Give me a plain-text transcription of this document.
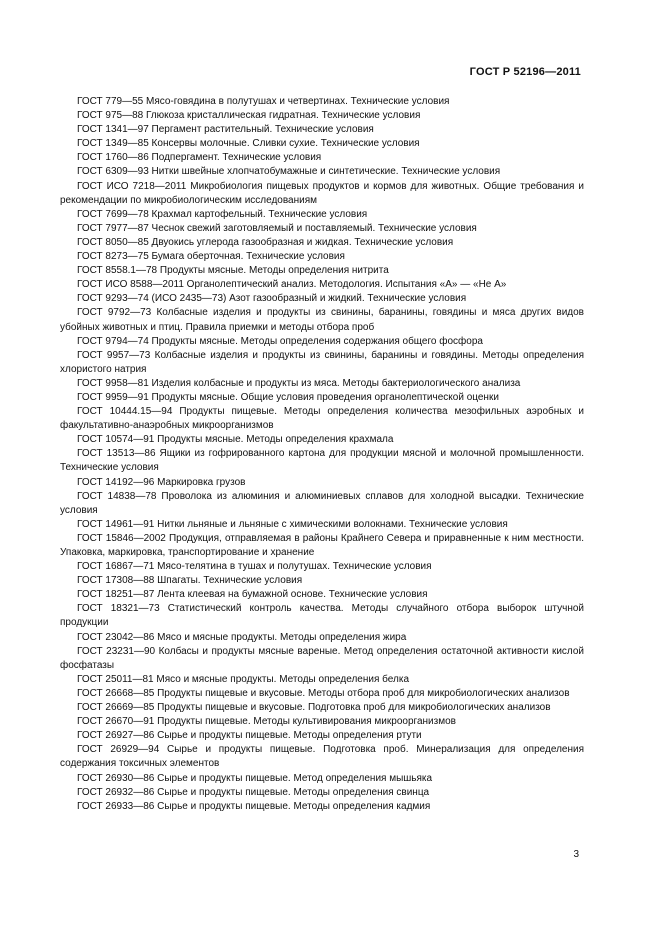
ГОСТ Р 52196—2011

ГОСТ 779—55 Мясо-говядина в полутушах и четвертинах. Технические условия

ГОСТ 975—88 Глюкоза кристаллическая гидратная. Технические условия

ГОСТ 1341—97 Пергамент растительный. Технические условия

ГОСТ 1349—85 Консервы молочные. Сливки сухие. Технические условия

ГОСТ 1760—86 Подпергамент. Технические условия

ГОСТ 6309—93 Нитки швейные хлопчатобумажные и синтетические. Технические условия

ГОСТ ИСО 7218—2011 Микробиология пищевых продуктов и кормов для животных. Общие требования и рекомендации по микробиологическим исследованиям

ГОСТ 7699—78 Крахмал картофельный. Технические условия

ГОСТ 7977—87 Чеснок свежий заготовляемый и поставляемый. Технические условия

ГОСТ 8050—85 Двуокись углерода газообразная и жидкая. Технические условия

ГОСТ 8273—75 Бумага оберточная. Технические условия

ГОСТ 8558.1—78 Продукты мясные. Методы определения нитрита

ГОСТ ИСО 8588—2011 Органолептический анализ. Методология. Испытания «А» — «Не А»

ГОСТ 9293—74 (ИСО 2435—73) Азот газообразный и жидкий. Технические условия

ГОСТ 9792—73 Колбасные изделия и продукты из свинины, баранины, говядины и мяса других видов убойных животных и птиц. Правила приемки и методы отбора проб

ГОСТ 9794—74 Продукты мясные. Методы определения содержания общего фосфора

ГОСТ 9957—73 Колбасные изделия и продукты из свинины, баранины и говядины. Методы определения хлористого натрия

ГОСТ 9958—81 Изделия колбасные и продукты из мяса. Методы бактериологического анализа

ГОСТ 9959—91 Продукты мясные. Общие условия проведения органолептической оценки

ГОСТ 10444.15—94 Продукты пищевые. Методы определения количества мезофильных аэробных и факультативно-анаэробных микроорганизмов

ГОСТ 10574—91 Продукты мясные. Методы определения крахмала

ГОСТ 13513—86 Ящики из гофрированного картона для продукции мясной и молочной промышленности. Технические условия

ГОСТ 14192—96 Маркировка грузов

ГОСТ 14838—78 Проволока из алюминия и алюминиевых сплавов для холодной высадки. Технические условия

ГОСТ 14961—91 Нитки льняные и льняные с химическими волокнами. Технические условия

ГОСТ 15846—2002 Продукция, отправляемая в районы Крайнего Севера и приравненные к ним местности. Упаковка, маркировка, транспортирование и хранение

ГОСТ 16867—71 Мясо-телятина в тушах и полутушах. Технические условия

ГОСТ 17308—88 Шпагаты. Технические условия

ГОСТ 18251—87 Лента клеевая на бумажной основе. Технические условия

ГОСТ 18321—73 Статистический контроль качества. Методы случайного отбора выборок штучной продукции

ГОСТ 23042—86 Мясо и мясные продукты. Методы определения жира

ГОСТ 23231—90 Колбасы и продукты мясные вареные. Метод определения остаточной активности кислой фосфатазы

ГОСТ 25011—81 Мясо и мясные продукты. Методы определения белка

ГОСТ 26668—85 Продукты пищевые и вкусовые. Методы отбора проб для микробиологических анализов

ГОСТ 26669—85 Продукты пищевые и вкусовые. Подготовка проб для микробиологических анализов

ГОСТ 26670—91 Продукты пищевые. Методы культивирования микроорганизмов

ГОСТ 26927—86 Сырье и продукты пищевые. Методы определения ртути

ГОСТ 26929—94 Сырье и продукты пищевые. Подготовка проб. Минерализация для определения содержания токсичных элементов

ГОСТ 26930—86 Сырье и продукты пищевые. Метод определения мышьяка

ГОСТ 26932—86 Сырье и продукты пищевые. Методы определения свинца

ГОСТ 26933—86 Сырье и продукты пищевые. Методы определения кадмия

3
